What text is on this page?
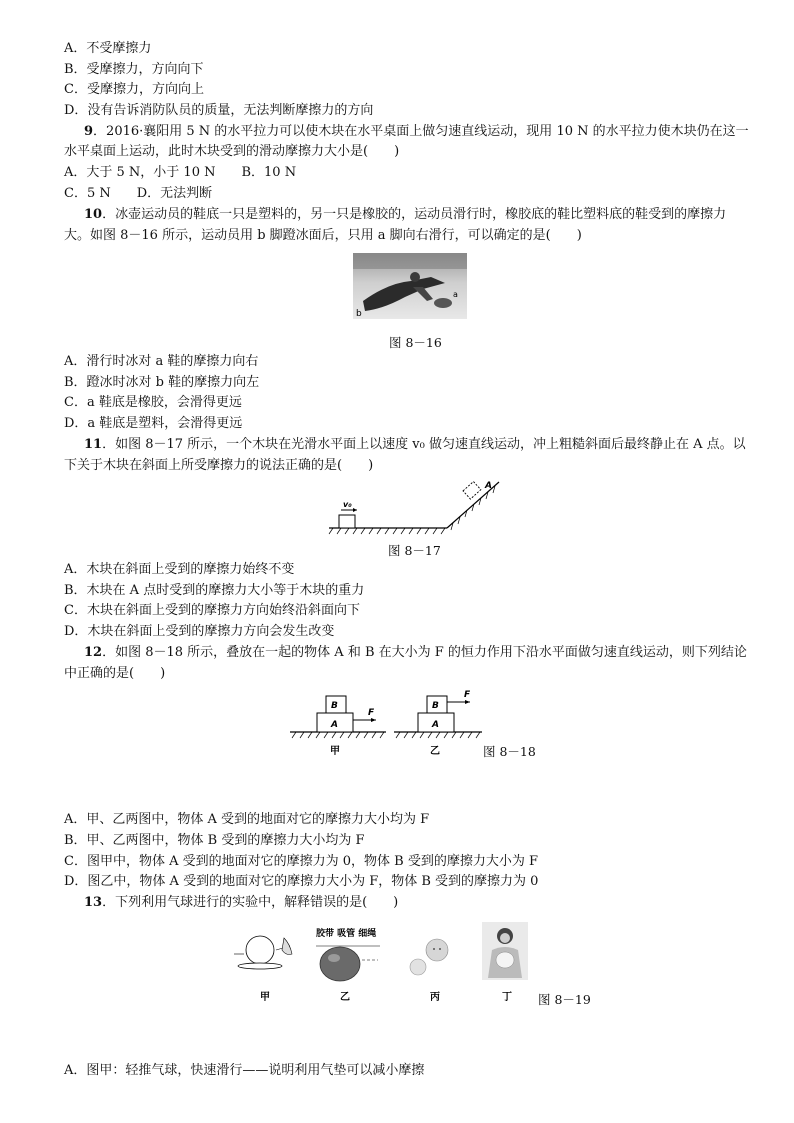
A．不受摩擦力
B．受摩擦力，方向向下
C．受摩擦力，方向向上
D．没有告诉消防队员的质量，无法判断摩擦力的方向
9．2016·襄阳用 5 N 的水平拉力可以使木块在水平桌面上做匀速直线运动，现用 10 N 的水平拉力使木块仍在这一
水平桌面上运动，此时木块受到的滑动摩擦力大小是(　　)
A．大于 5 N，小于 10 N　　B．10 N
C．5 N　　D．无法判断
10．冰壶运动员的鞋底一只是塑料的，另一只是橡胶的，运动员滑行时，橡胶底的鞋比塑料底的鞋受到的摩擦力
大。如图 8－16 所示，运动员用 b 脚蹬冰面后，只用 a 脚向右滑行，可以确定的是(　　)
b
a
图 8－16
A．滑行时冰对 a 鞋的摩擦力向右
B．蹬冰时冰对 b 鞋的摩擦力向左
C．a 鞋底是橡胶，会滑得更远
D．a 鞋底是塑料，会滑得更远
11．如图 8－17 所示，一个木块在光滑水平面上以速度 v₀ 做匀速直线运动，冲上粗糙斜面后最终静止在 A 点。以
下关于木块在斜面上所受摩擦力的说法正确的是(　　)
v₀
A
图 8－17
A．木块在斜面上受到的摩擦力始终不变
B．木块在 A 点时受到的摩擦力大小等于木块的重力
C．木块在斜面上受到的摩擦力方向始终沿斜面向下
D．木块在斜面上受到的摩擦力方向会发生改变
12．如图 8－18 所示，叠放在一起的物体 A 和 B 在大小为 F 的恒力作用下沿水平面做匀速直线运动，则下列结论
中正确的是(　　)
A
B
F
甲
A
B
F
乙	图 8－18
A．甲、乙两图中，物体 A 受到的地面对它的摩擦力大小均为 F
B．甲、乙两图中，物体 B 受到的摩擦力大小均为 F
C．图甲中，物体 A 受到的地面对它的摩擦力为 0，物体 B 受到的摩擦力大小为 F
D．图乙中，物体 A 受到的地面对它的摩擦力大小为 F，物体 B 受到的摩擦力为 0
13．下列利用气球进行的实验中，解释错误的是(　　)
甲
胶带 吸管 细绳
乙	丙	丁 图 8－19
A．图甲：轻推气球，快速滑行——说明利用气垫可以减小摩擦
